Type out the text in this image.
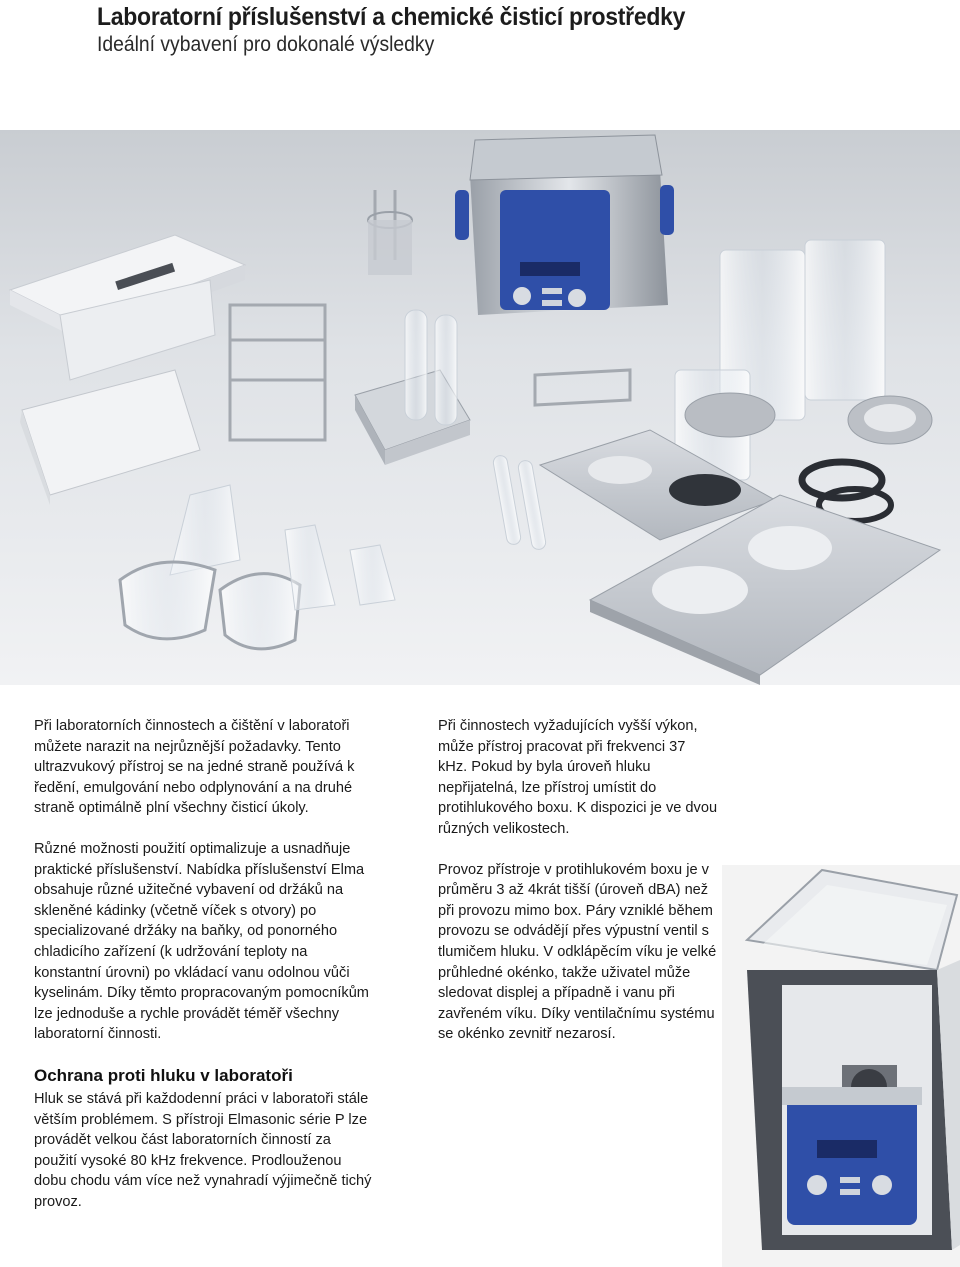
Laboratorní příslušenství a chemické čisticí prostředky
Ideální vybavení pro dokonalé výsledky

Při laboratorních činnostech a čištění v laboratoři můžete narazit na nejrůznější požadavky. Tento ultrazvukový přístroj se na jedné straně používá k ředění, emulgování nebo odplynování a na druhé straně optimálně plní všechny čisticí úkoly.

Různé možnosti použití optimalizuje a usnadňuje praktické příslušenství. Nabídka příslušenství Elma obsahuje různé užitečné vybavení od držáků na skleněné kádinky (včetně víček s otvory) po specializované držáky na baňky, od ponorného chladicího zařízení (k udržování teploty na konstantní úrovni) po vkládací vanu odolnou vůči kyselinám. Díky těmto propracovaným pomocníkům lze jednoduše a rychle provádět téměř všechny laboratorní činnosti.

Ochrana proti hluku v laboratoři
Hluk se stává při každodenní práci v laboratoři stále větším problémem. S přístroji Elmasonic série P lze provádět velkou část laboratorních činností za použití vysoké 80 kHz frekvence. Prodlouženou dobu chodu vám více než vynahradí výjimečně tichý provoz.

Při činnostech vyžadujících vyšší výkon, může přístroj pracovat při frekvenci 37 kHz. Pokud by byla úroveň hluku nepřijatelná, lze přístroj umístit do protihlukového boxu. K dispozici je ve dvou různých velikostech.

Provoz přístroje v protihlukovém boxu je v průměru 3 až 4krát tišší (úroveň dBA) než při provozu mimo box. Páry vzniklé během provozu se odvádějí přes výpustní ventil s tlumičem hluku. V odklápěcím víku je velké průhledné okénko, takže uživatel může sledovat displej a případně i vanu při zavřeném víku. Díky ventilačnímu systému se okénko zevnitř nezarosí.
